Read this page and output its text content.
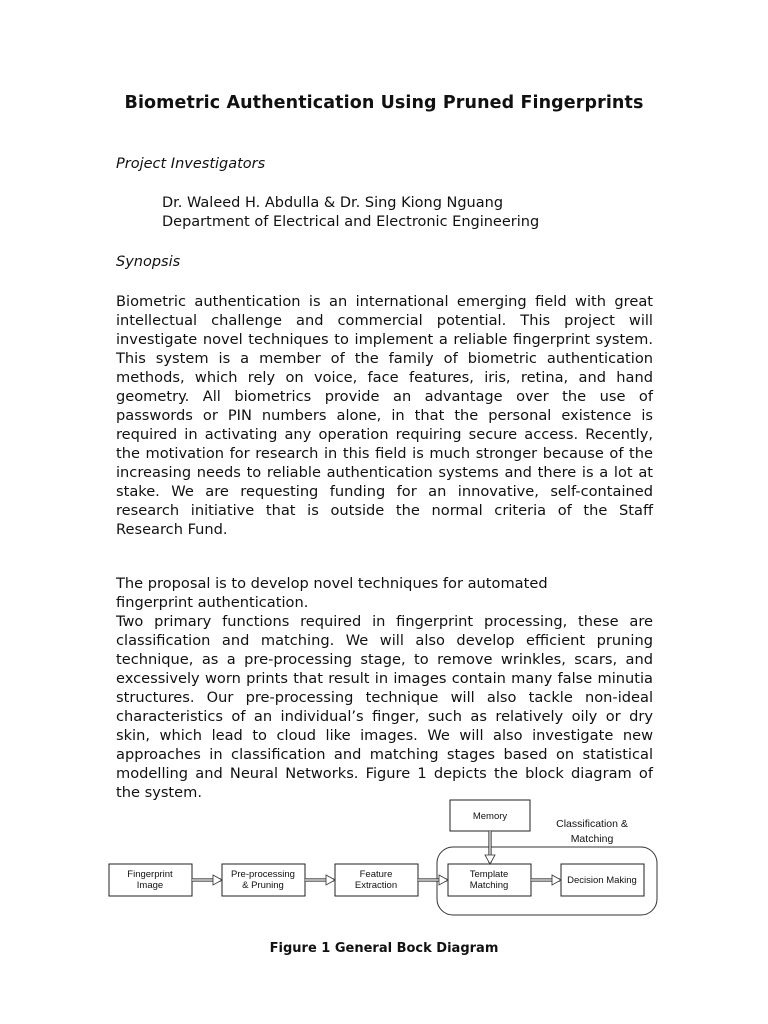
Biometric Authentication Using Pruned Fingerprints

Project Investigators

Dr. Waleed H. Abdulla & Dr. Sing Kiong Nguang

Department of Electrical and Electronic Engineering

Synopsis

Biometric authentication is an international emerging field with great intellectual challenge and commercial potential. This project will investigate novel techniques to implement a reliable fingerprint system. This system is a member of the family of biometric authentication methods, which rely on voice, face features, iris, retina, and hand geometry. All biometrics provide an advantage over the use of passwords or PIN numbers alone, in that the personal existence is required in activating any operation requiring secure access. Recently, the motivation for research in this field is much stronger because of the increasing needs to reliable authentication systems and there is a lot at stake. We are requesting funding for an innovative, self-contained research initiative that is outside the normal criteria of the Staff Research Fund.

The proposal is to develop novel techniques for automated

fingerprint authentication.

Two primary functions required in fingerprint processing, these are classification and matching. We will also develop efficient pruning technique, as a pre-processing stage, to remove wrinkles, scars, and excessively worn prints that result in images contain many false minutia structures. Our pre-processing technique will also tackle non-ideal characteristics of an individual’s finger, such as relatively oily or dry skin, which lead to cloud like images. We will also investigate new approaches in classification and matching stages based on statistical modelling and Neural Networks. Figure 1 depicts the block diagram of the system.

Classification &
Matching
Memory
Fingerprint
Image
Pre-processing
& Pruning
Feature
Extraction
Template
Matching	Decision Making

Figure 1 General Bock Diagram
